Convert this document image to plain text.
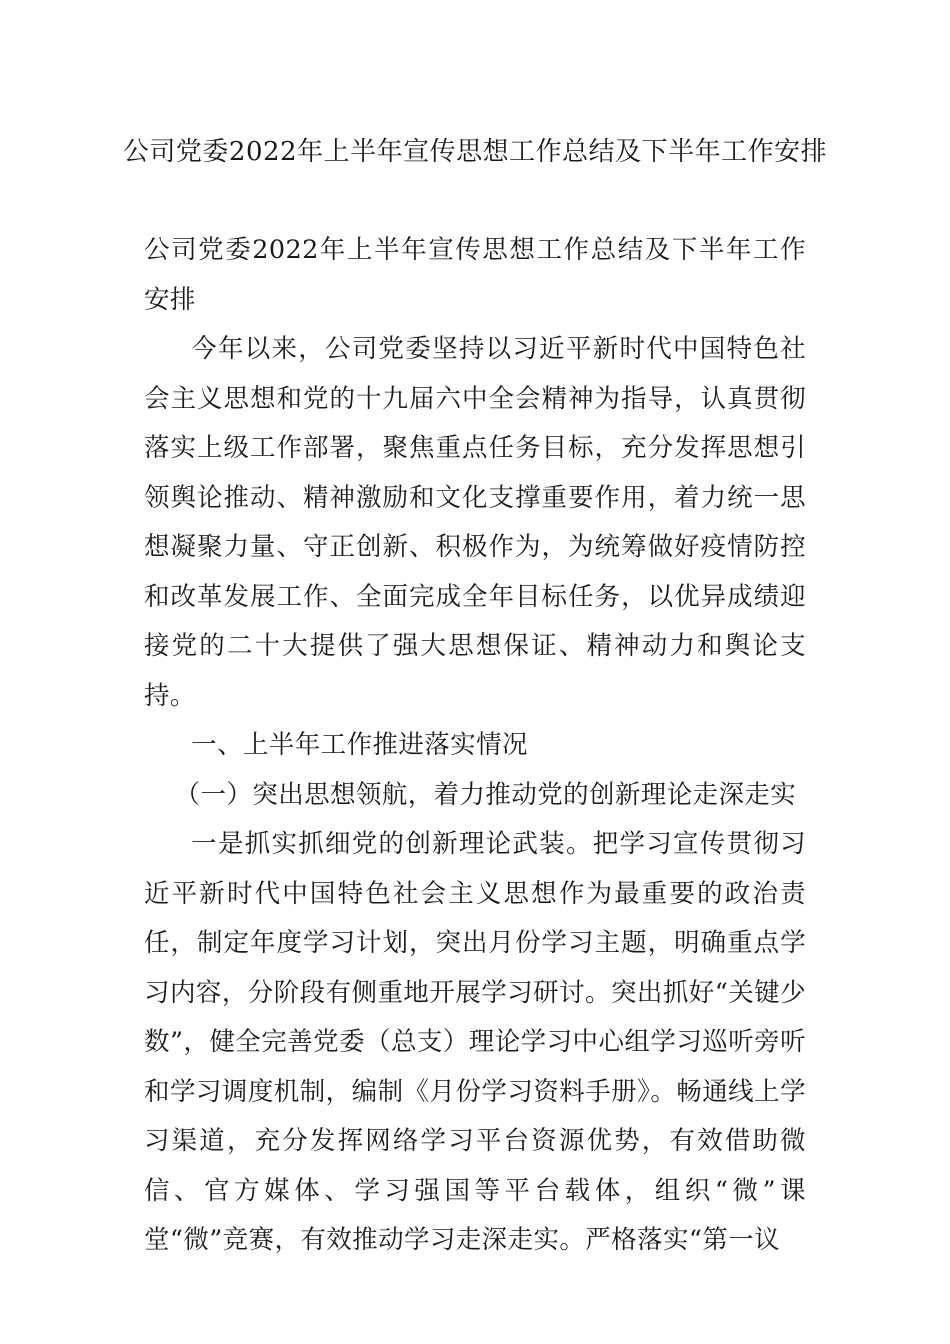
公司党委2022年上半年宣传思想工作总结及下半年工作安排

公司党委2022年上半年宣传思想工作总结及下半年工作安排

今年以来，公司党委坚持以习近平新时代中国特色社会主义思想和党的十九届六中全会精神为指导，认真贯彻落实上级工作部署，聚焦重点任务目标，充分发挥思想引领舆论推动、精神激励和文化支撑重要作用，着力统一思想凝聚力量、守正创新、积极作为，为统筹做好疫情防控和改革发展工作、全面完成全年目标任务，以优异成绩迎接党的二十大提供了强大思想保证、精神动力和舆论支持。

一、上半年工作推进落实情况

（一）突出思想领航，着力推动党的创新理论走深走实

一是抓实抓细党的创新理论武装。把学习宣传贯彻习近平新时代中国特色社会主义思想作为最重要的政治责任，制定年度学习计划，突出月份学习主题，明确重点学习内容，分阶段有侧重地开展学习研讨。突出抓好“关键少数”，健全完善党委（总支）理论学习中心组学习巡听旁听和学习调度机制，编制《月份学习资料手册》。畅通线上学习渠道，充分发挥网络学习平台资源优势，有效借助微信、官方媒体、学习强国等平台载体，组织“微”课堂“微”竞赛，有效推动学习走深走实。严格落实“第一议
